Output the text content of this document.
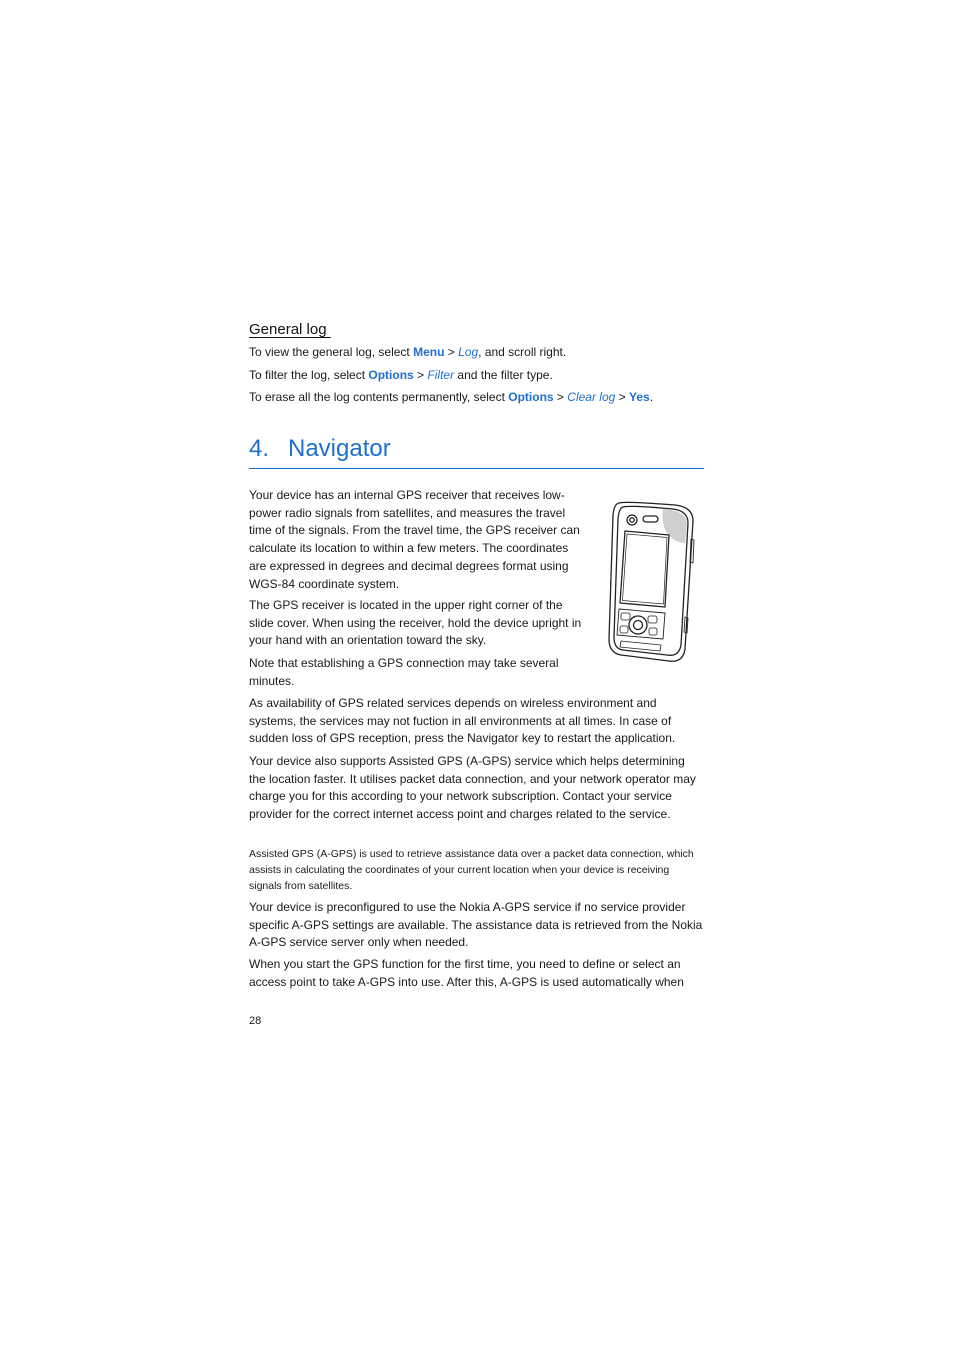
General log

To view the general log, select Menu > Log, and scroll right.

To filter the log, select Options > Filter and the filter type.

To erase all the log contents permanently, select Options > Clear log > Yes.

4. Navigator

Your device has an internal GPS receiver that receives low-power radio signals from satellites, and measures the travel time of the signals. From the travel time, the GPS receiver can calculate its location to within a few meters. The coordinates are expressed in degrees and decimal degrees format using WGS-84 coordinate system.

The GPS receiver is located in the upper right corner of the slide cover. When using the receiver, hold the device upright in your hand with an orientation toward the sky.

Note that establishing a GPS connection may take several minutes.

As availability of GPS related services depends on wireless environment and systems, the services may not fuction in all environments at all times. In case of sudden loss of GPS reception, press the Navigator key to restart the application.

Your device also supports Assisted GPS (A-GPS) service which helps determining the location faster. It utilises packet data connection, and your network operator may charge you for this according to your network subscription. Contact your service provider for the correct internet access point and charges related to the service.

Assisted GPS (A-GPS) is used to retrieve assistance data over a packet data connection, which assists in calculating the coordinates of your current location when your device is receiving signals from satellites.

Your device is preconfigured to use the Nokia A-GPS service if no service provider specific A-GPS settings are available. The assistance data is retrieved from the Nokia A-GPS service server only when needed.

When you start the GPS function for the first time, you need to define or select an access point to take A-GPS into use. After this, A-GPS is used automatically when

28
